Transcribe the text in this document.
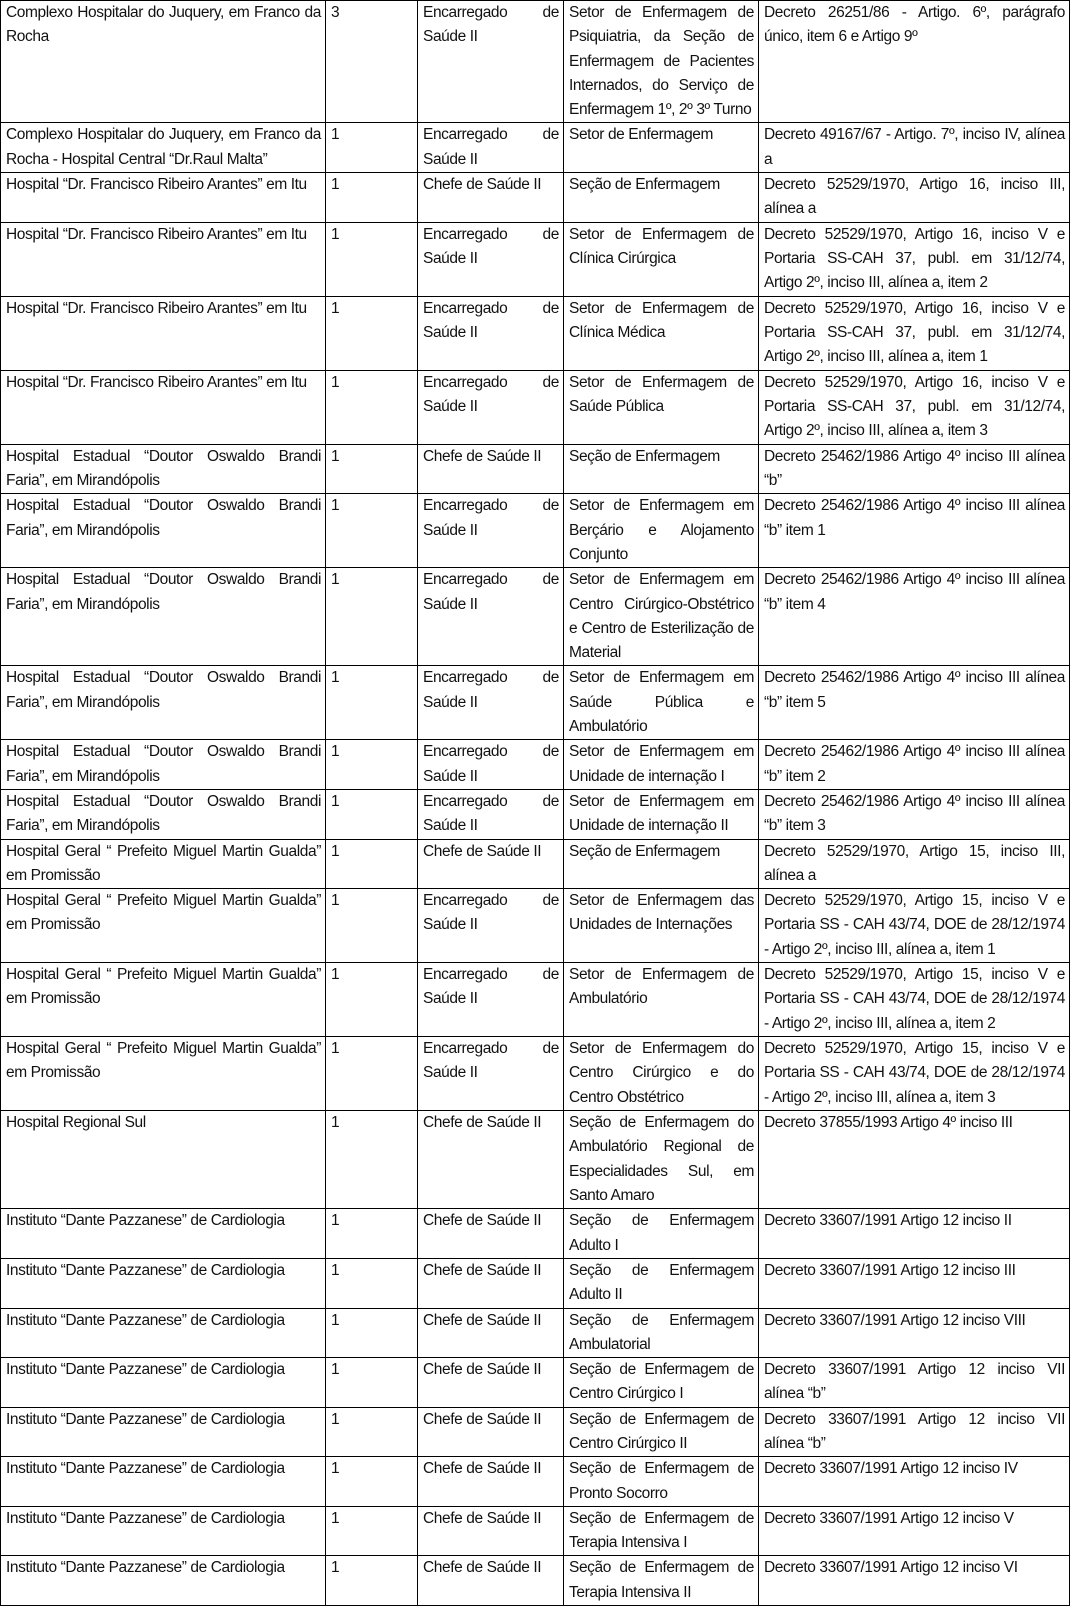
Complexo Hospitalar do Juquery, em Franco da Rocha	3	Encarregado de Saúde II	Setor de Enfermagem de Psiquiatria, da Seção de Enfermagem de Pacientes Internados, do Serviço de Enfermagem 1º, 2º 3º Turno	Decreto 26251/86 - Artigo. 6º, parágrafo único, item 6 e Artigo 9º
Complexo Hospitalar do Juquery, em Franco da Rocha - Hospital Central “Dr.Raul Malta”	1	Encarregado de Saúde II	Setor de Enfermagem	Decreto 49167/67 - Artigo. 7º, inciso IV, alínea a
Hospital “Dr. Francisco Ribeiro Arantes” em Itu	1	Chefe de Saúde II	Seção de Enfermagem	Decreto 52529/1970, Artigo 16, inciso III, alínea a
Hospital “Dr. Francisco Ribeiro Arantes” em Itu	1	Encarregado de Saúde II	Setor de Enfermagem de Clínica Cirúrgica	Decreto 52529/1970, Artigo 16, inciso V e Portaria SS-CAH 37, publ. em 31/12/74, Artigo 2º, inciso III, alínea a, item 2
Hospital “Dr. Francisco Ribeiro Arantes” em Itu	1	Encarregado de Saúde II	Setor de Enfermagem de Clínica Médica	Decreto 52529/1970, Artigo 16, inciso V e Portaria SS-CAH 37, publ. em 31/12/74, Artigo 2º, inciso III, alínea a, item 1
Hospital “Dr. Francisco Ribeiro Arantes” em Itu	1	Encarregado de Saúde II	Setor de Enfermagem de Saúde Pública	Decreto 52529/1970, Artigo 16, inciso V e Portaria SS-CAH 37, publ. em 31/12/74, Artigo 2º, inciso III, alínea a, item 3
Hospital Estadual “Doutor Oswaldo Brandi Faria”, em Mirandópolis	1	Chefe de Saúde II	Seção de Enfermagem	Decreto 25462/1986 Artigo 4º inciso III alínea “b”
Hospital Estadual “Doutor Oswaldo Brandi Faria”, em Mirandópolis	1	Encarregado de Saúde II	Setor de Enfermagem em Berçário e Alojamento Conjunto	Decreto 25462/1986 Artigo 4º inciso III alínea “b” item 1
Hospital Estadual “Doutor Oswaldo Brandi Faria”, em Mirandópolis	1	Encarregado de Saúde II	Setor de Enfermagem em Centro Cirúrgico-Obstétrico e Centro de Esterilização de Material	Decreto 25462/1986 Artigo 4º inciso III alínea “b” item 4
Hospital Estadual “Doutor Oswaldo Brandi Faria”, em Mirandópolis	1	Encarregado de Saúde II	Setor de Enfermagem em Saúde Pública e Ambulatório	Decreto 25462/1986 Artigo 4º inciso III alínea “b” item 5
Hospital Estadual “Doutor Oswaldo Brandi Faria”, em Mirandópolis	1	Encarregado de Saúde II	Setor de Enfermagem em Unidade de internação I	Decreto 25462/1986 Artigo 4º inciso III alínea “b” item 2
Hospital Estadual “Doutor Oswaldo Brandi Faria”, em Mirandópolis	1	Encarregado de Saúde II	Setor de Enfermagem em Unidade de internação II	Decreto 25462/1986 Artigo 4º inciso III alínea “b” item 3
Hospital Geral “ Prefeito Miguel Martin Gualda” em Promissão	1	Chefe de Saúde II	Seção de Enfermagem	Decreto 52529/1970, Artigo 15, inciso III, alínea a
Hospital Geral “ Prefeito Miguel Martin Gualda” em Promissão	1	Encarregado de Saúde II	Setor de Enfermagem das Unidades de Internações	Decreto 52529/1970, Artigo 15, inciso V e Portaria SS - CAH 43/74, DOE de 28/12/1974 - Artigo 2º, inciso III, alínea a, item 1
Hospital Geral “ Prefeito Miguel Martin Gualda” em Promissão	1	Encarregado de Saúde II	Setor de Enfermagem de Ambulatório	Decreto 52529/1970, Artigo 15, inciso V e Portaria SS - CAH 43/74, DOE de 28/12/1974 - Artigo 2º, inciso III, alínea a, item 2
Hospital Geral “ Prefeito Miguel Martin Gualda” em Promissão	1	Encarregado de Saúde II	Setor de Enfermagem do Centro Cirúrgico e do Centro Obstétrico	Decreto 52529/1970, Artigo 15, inciso V e Portaria SS - CAH 43/74, DOE de 28/12/1974 - Artigo 2º, inciso III, alínea a, item 3
Hospital Regional Sul	1	Chefe de Saúde II	Seção de Enfermagem do Ambulatório Regional de Especialidades Sul, em Santo Amaro	Decreto 37855/1993 Artigo 4º inciso III
Instituto “Dante Pazzanese” de Cardiologia	1	Chefe de Saúde II	Seção de Enfermagem Adulto I	Decreto 33607/1991 Artigo 12 inciso II
Instituto “Dante Pazzanese” de Cardiologia	1	Chefe de Saúde II	Seção de Enfermagem Adulto II	Decreto 33607/1991 Artigo 12 inciso III
Instituto “Dante Pazzanese” de Cardiologia	1	Chefe de Saúde II	Seção de Enfermagem Ambulatorial	Decreto 33607/1991 Artigo 12 inciso VIII
Instituto “Dante Pazzanese” de Cardiologia	1	Chefe de Saúde II	Seção de Enfermagem de Centro Cirúrgico I	Decreto 33607/1991 Artigo 12 inciso VII alínea “b”
Instituto “Dante Pazzanese” de Cardiologia	1	Chefe de Saúde II	Seção de Enfermagem de Centro Cirúrgico II	Decreto 33607/1991 Artigo 12 inciso VII alínea “b”
Instituto “Dante Pazzanese” de Cardiologia	1	Chefe de Saúde II	Seção de Enfermagem de Pronto Socorro	Decreto 33607/1991 Artigo 12 inciso IV
Instituto “Dante Pazzanese” de Cardiologia	1	Chefe de Saúde II	Seção de Enfermagem de Terapia Intensiva I	Decreto 33607/1991 Artigo 12 inciso V
Instituto “Dante Pazzanese” de Cardiologia	1	Chefe de Saúde II	Seção de Enfermagem de Terapia Intensiva II	Decreto 33607/1991 Artigo 12 inciso VI
